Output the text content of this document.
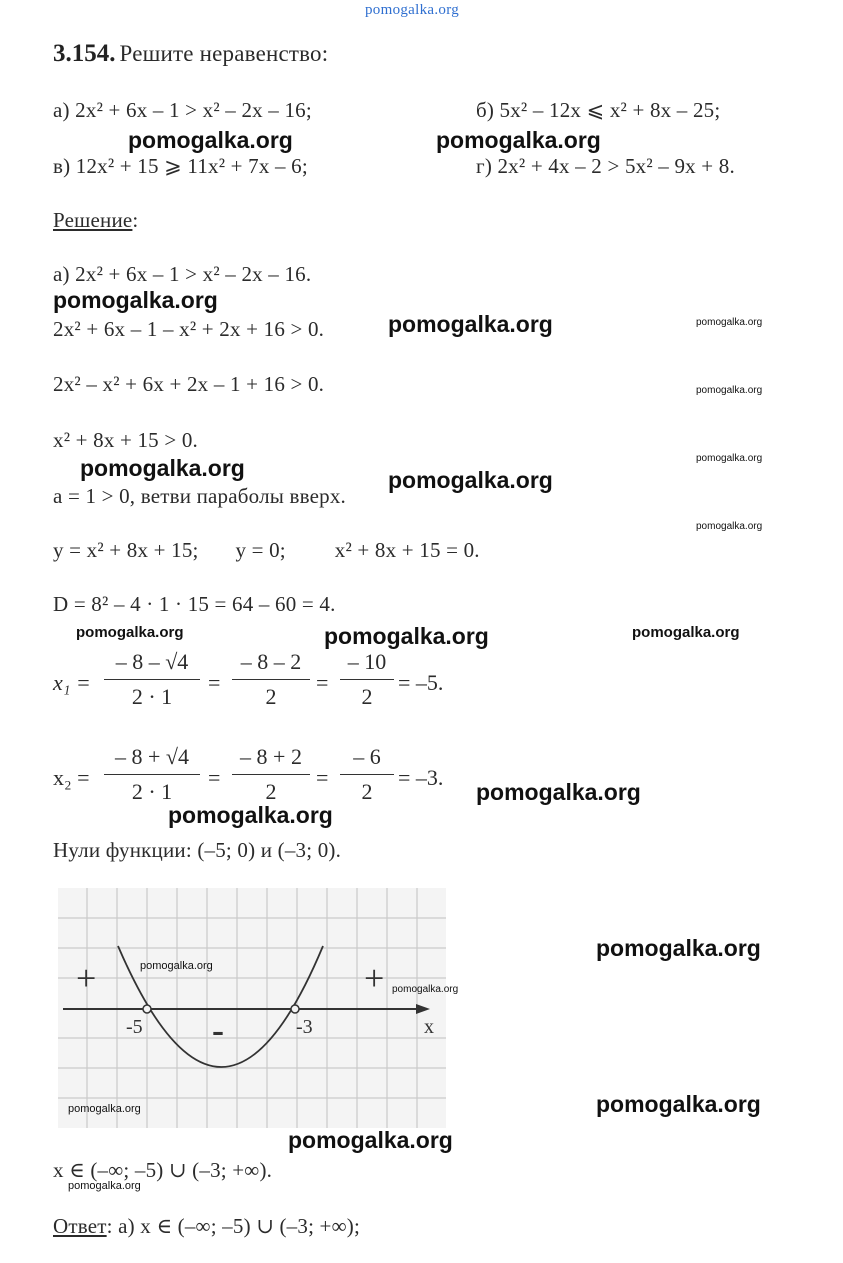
pomogalka.org
3.154. Решите неравенство:
а) 2x² + 6x – 1 > x² – 2x – 16;	б) 5x² – 12x ⩽ x² + 8x – 25;
в) 12x² + 15 ⩾ 11x² + 7x – 6;	г) 2x² + 4x – 2 > 5x² – 9x + 8.
Решение:
а) 2x² + 6x – 1 > x² – 2x – 16.
2x² + 6x – 1 – x² + 2x + 16 > 0.
2x² – x² + 6x + 2x – 1 + 16 > 0.
x² + 8x + 15 > 0.
a = 1 > 0, ветви параболы вверх.
y = x² + 8x + 15; y = 0; x² + 8x + 15 = 0.
D = 8² – 4 · 1 · 15 = 64 – 60 = 4.
x₁ =
– 8 – √4
2 · 1
=
– 8 – 2
2
=
– 10
2
= –5.
x₂ =
– 8 + √4
2 · 1
=
– 8 + 2
2
=
– 6
2
= –3.
Нули функции: (–5; 0) и (–3; 0).
+	+
-
-5	-3	x
x ∈ (–∞; –5) ∪ (–3; +∞).
Ответ: а) x ∈ (–∞; –5) ∪ (–3; +∞);
pomogalka.org	pomogalka.org
pomogalka.org
pomogalka.org	pomogalka.org
pomogalka.org
pomogalka.org
pomogalka.org	pomogalka.org
pomogalka.org
pomogalka.org	pomogalka.org	pomogalka.org
pomogalka.org
pomogalka.org
pomogalka.org
pomogalka.org
pomogalka.org
pomogalka.org
pomogalka.org
pomogalka.org
pomogalka.org
